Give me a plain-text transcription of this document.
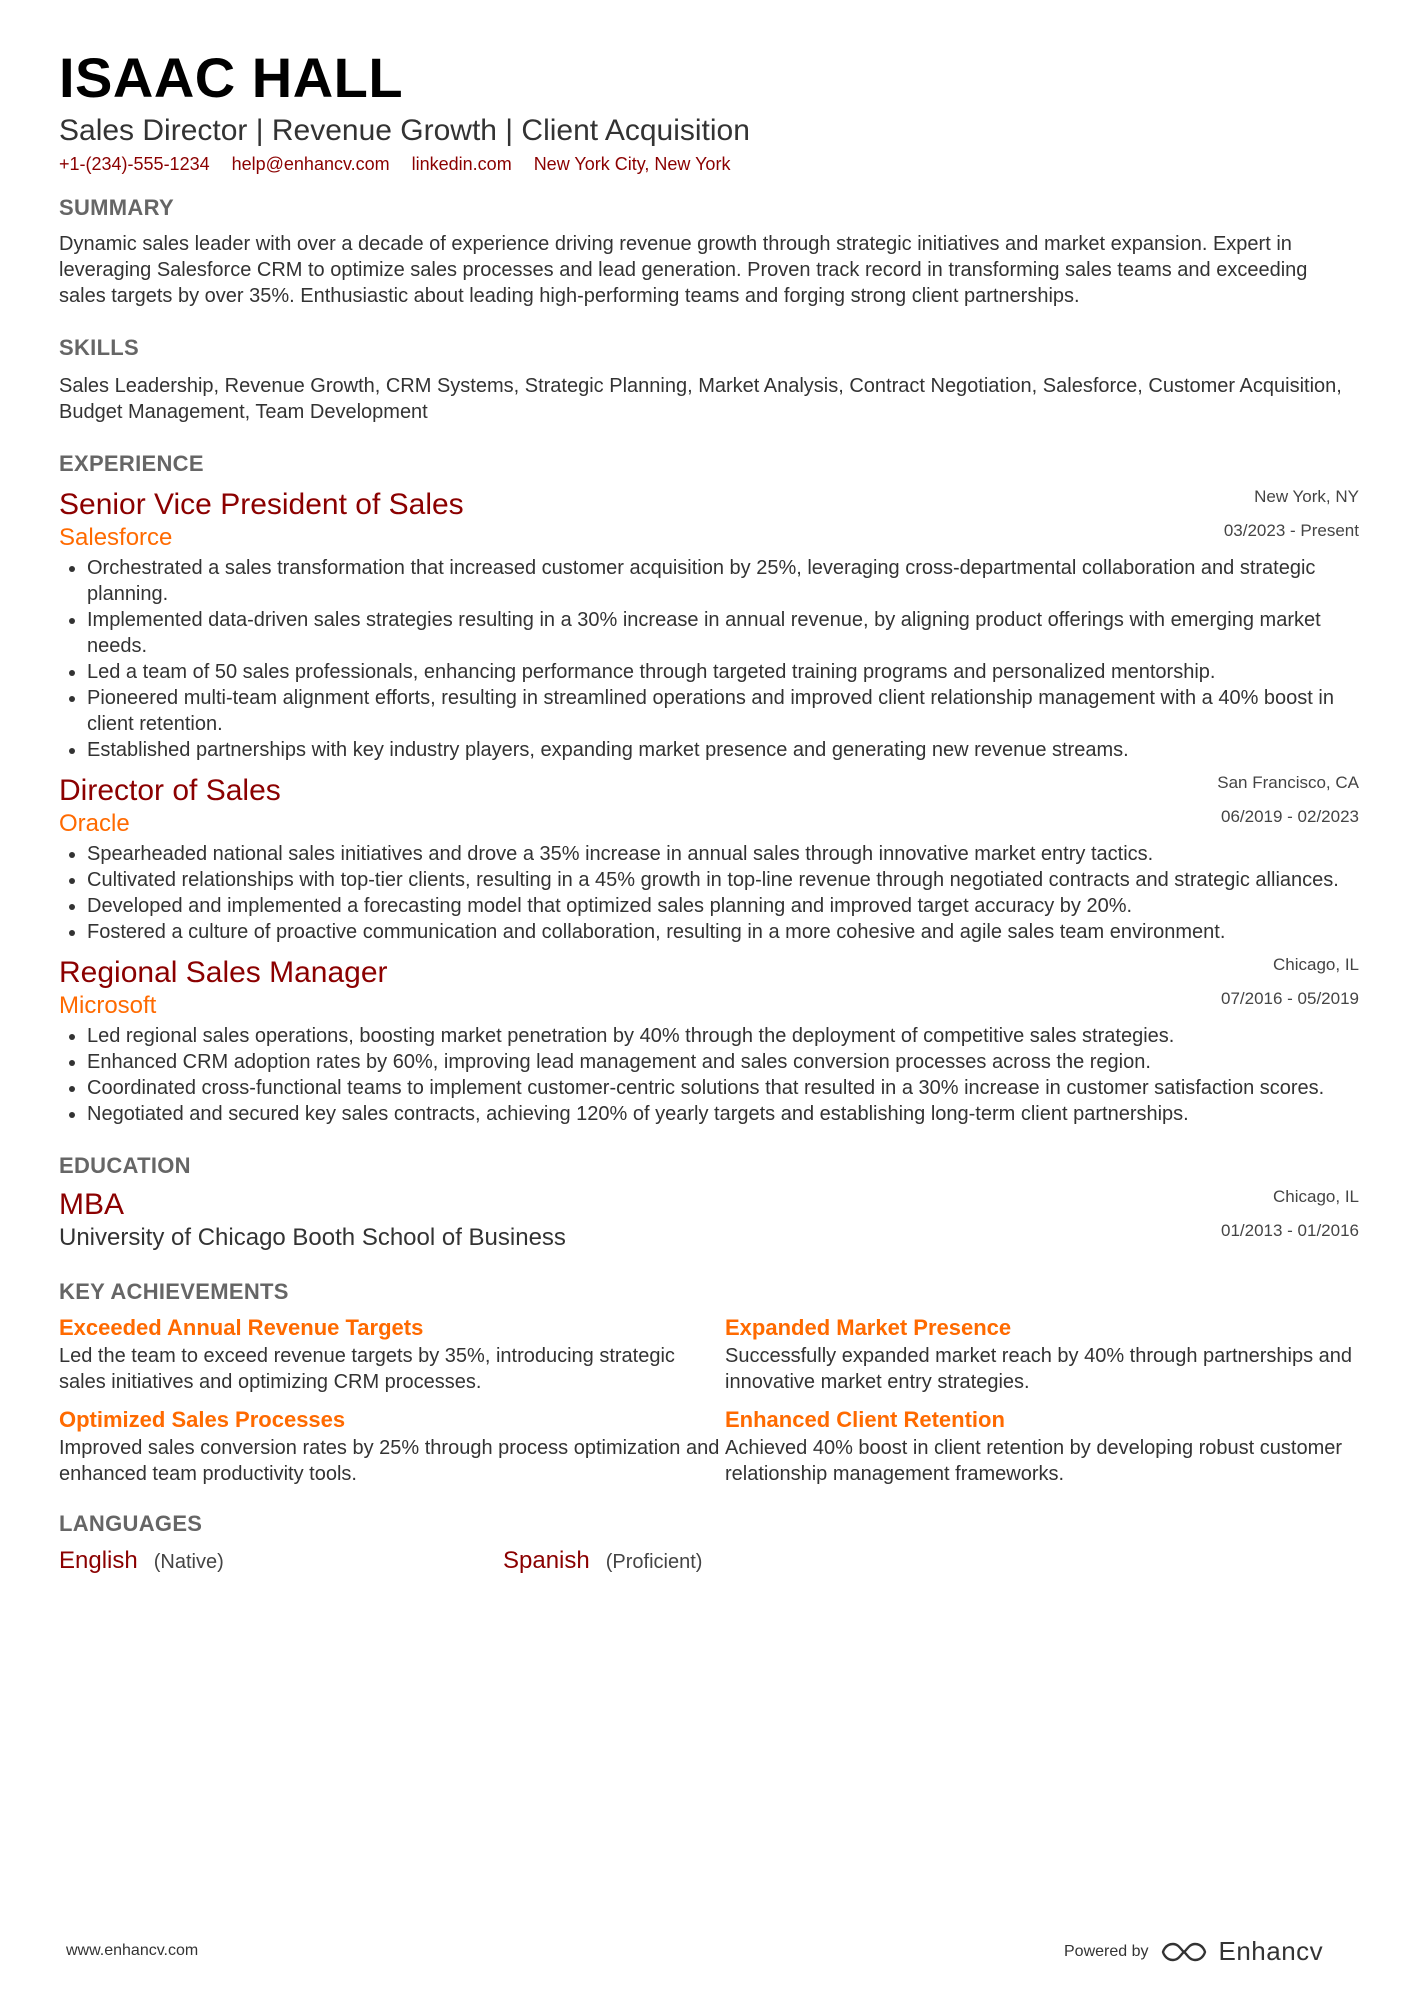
ISAAC HALL
Sales Director | Revenue Growth | Client Acquisition
+1-(234)-555-1234 help@enhancv.com linkedin.com New York City, New York
SUMMARY
Dynamic sales leader with over a decade of experience driving revenue growth through strategic initiatives and market expansion. Expert in leveraging Salesforce CRM to optimize sales processes and lead generation. Proven track record in transforming sales teams and exceeding sales targets by over 35%. Enthusiastic about leading high-performing teams and forging strong client partnerships.
SKILLS
Sales Leadership, Revenue Growth, CRM Systems, Strategic Planning, Market Analysis, Contract Negotiation, Salesforce, Customer Acquisition, Budget Management, Team Development
EXPERIENCE
New York, NY
03/2023 - Present
Senior Vice President of Sales
Salesforce
• Orchestrated a sales transformation that increased customer acquisition by 25%, leveraging cross-departmental collaboration and strategic planning.
• Implemented data-driven sales strategies resulting in a 30% increase in annual revenue, by aligning product offerings with emerging market needs.
• Led a team of 50 sales professionals, enhancing performance through targeted training programs and personalized mentorship.
• Pioneered multi-team alignment efforts, resulting in streamlined operations and improved client relationship management with a 40% boost in client retention.
• Established partnerships with key industry players, expanding market presence and generating new revenue streams.
San Francisco, CA
06/2019 - 02/2023
Director of Sales
Oracle
• Spearheaded national sales initiatives and drove a 35% increase in annual sales through innovative market entry tactics.
• Cultivated relationships with top-tier clients, resulting in a 45% growth in top-line revenue through negotiated contracts and strategic alliances.
• Developed and implemented a forecasting model that optimized sales planning and improved target accuracy by 20%.
• Fostered a culture of proactive communication and collaboration, resulting in a more cohesive and agile sales team environment.
Chicago, IL
07/2016 - 05/2019
Regional Sales Manager
Microsoft
• Led regional sales operations, boosting market penetration by 40% through the deployment of competitive sales strategies.
• Enhanced CRM adoption rates by 60%, improving lead management and sales conversion processes across the region.
• Coordinated cross-functional teams to implement customer-centric solutions that resulted in a 30% increase in customer satisfaction scores.
• Negotiated and secured key sales contracts, achieving 120% of yearly targets and establishing long-term client partnerships.
EDUCATION
Chicago, IL
01/2013 - 01/2016
MBA
University of Chicago Booth School of Business
KEY ACHIEVEMENTS
Exceeded Annual Revenue Targets
Led the team to exceed revenue targets by 35%, introducing strategic sales initiatives and optimizing CRM processes.
Expanded Market Presence
Successfully expanded market reach by 40% through partnerships and innovative market entry strategies.
Optimized Sales Processes
Improved sales conversion rates by 25% through process optimization and enhanced team productivity tools.
Enhanced Client Retention
Achieved 40% boost in client retention by developing robust customer relationship management frameworks.
LANGUAGES
English (Native)	Spanish (Proficient)
www.enhancv.com	Powered by	Enhancv
